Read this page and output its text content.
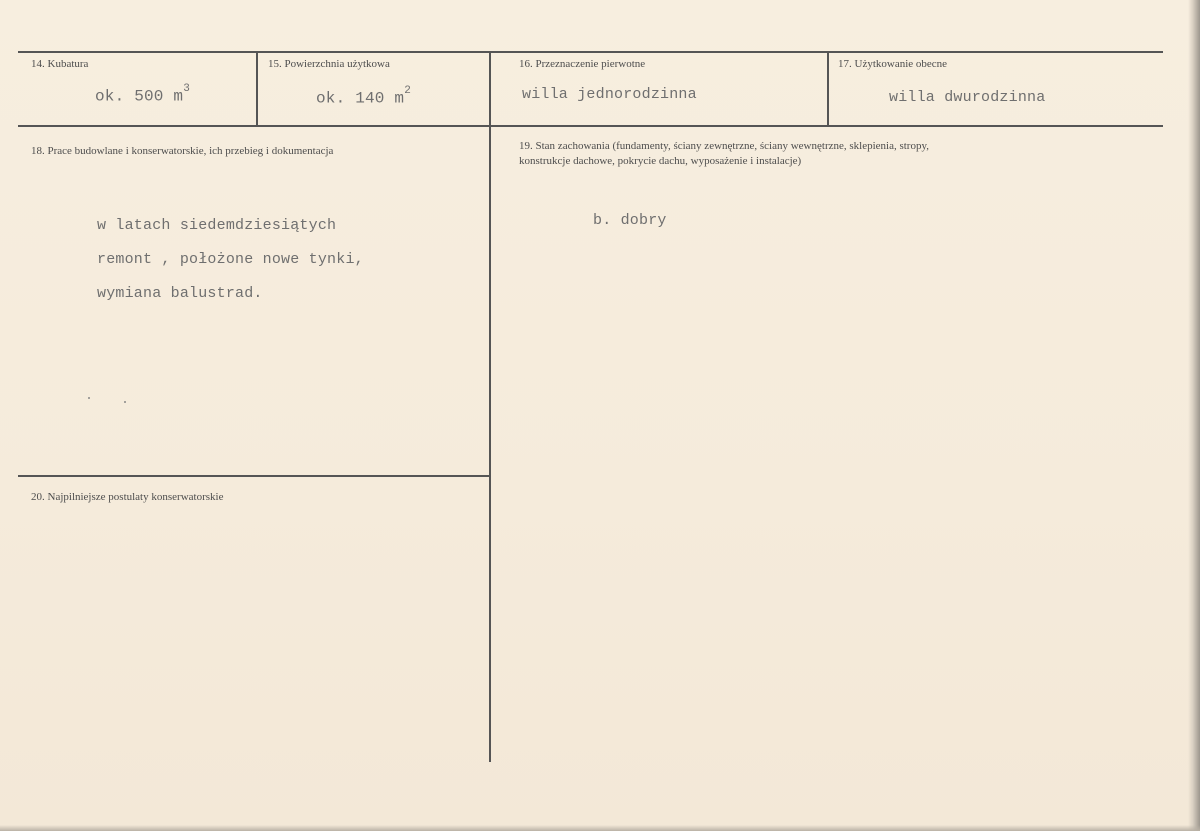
14. Kubatura
ok. 500 $m^3$
15. Powierzchnia użytkowa
ok. 140 $m^2$
16. Przeznaczenie pierwotne
willa jednorodzinna
17. Użytkowanie obecne
willa dwurodzinna
18. Prace budowlane i konserwatorskie, ich przebieg i dokumentacja
w latach siedemdziesiątych
remont , położone nowe tynki,
wymiana balustrad.
19. Stan zachowania (fundamenty, ściany zewnętrzne, ściany wewnętrzne, sklepienia, stropy,
konstrukcje dachowe, pokrycie dachu, wyposażenie i instalacje)
b. dobry
20. Najpilniejsze postulaty konserwatorskie
